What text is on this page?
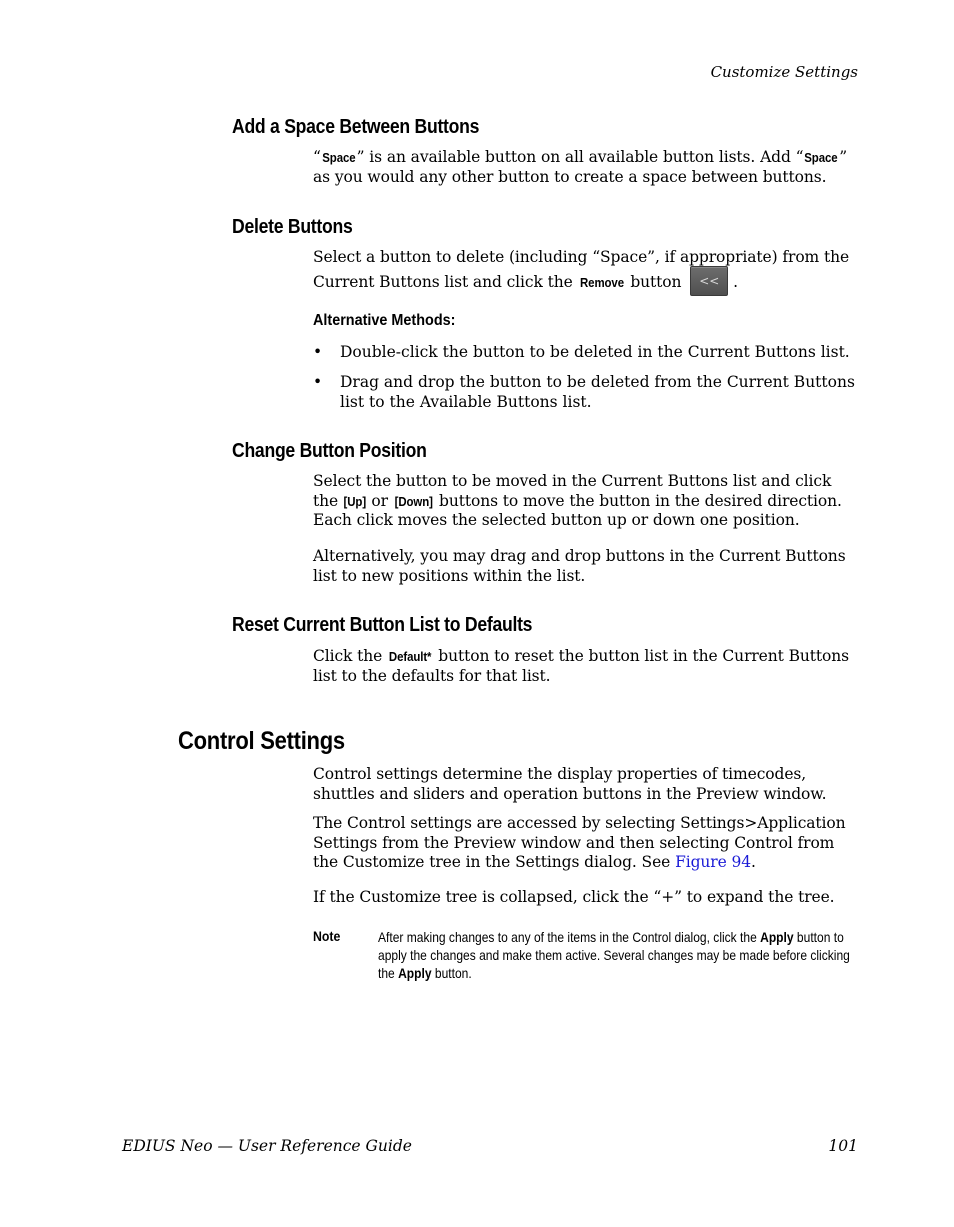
Customize Settings
Add a Space Between Buttons
“Space” is an available button on all available button lists. Add “Space” as you would any other button to create a space between buttons.
Delete Buttons
Select a button to delete (including “Space”, if appropriate) from the Current Buttons list and click the Remove button << .
Alternative Methods:
• Double-click the button to be deleted in the Current Buttons list.
• Drag and drop the button to be deleted from the Current Buttons list to the Available Buttons list.
Change Button Position
Select the button to be moved in the Current Buttons list and click the [Up] or [Down] buttons to move the button in the desired direction. Each click moves the selected button up or down one position.
Alternatively, you may drag and drop buttons in the Current Buttons list to new positions within the list.
Reset Current Button List to Defaults
Click the Default* button to reset the button list in the Current Buttons list to the defaults for that list.
Control Settings
Control settings determine the display properties of timecodes, shuttles and sliders and operation buttons in the Preview window.
The Control settings are accessed by selecting Settings>Application Settings from the Preview window and then selecting Control from the Customize tree in the Settings dialog. See Figure 94.
If the Customize tree is collapsed, click the “+” to expand the tree.
Note	After making changes to any of the items in the Control dialog, click the Apply button to apply the changes and make them active. Several changes may be made before clicking the Apply button.
EDIUS Neo — User Reference Guide	101
